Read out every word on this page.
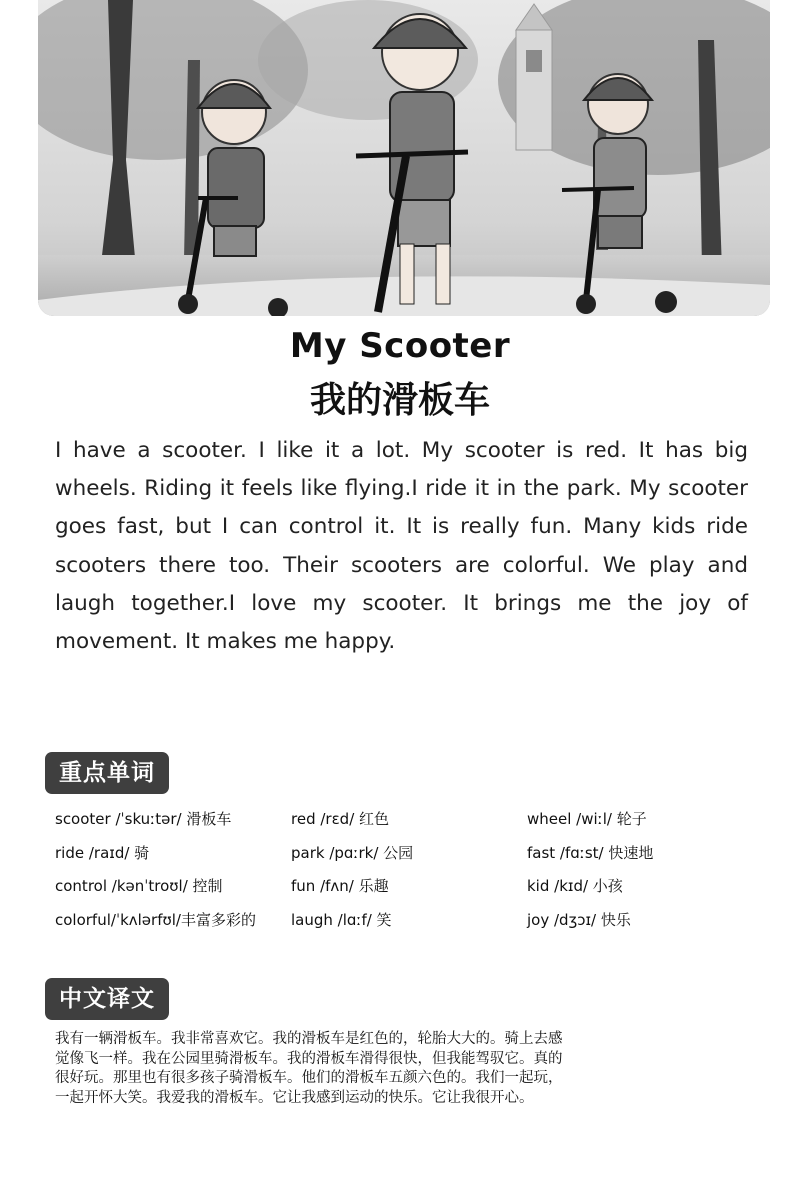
My Scooter
我的滑板车

I have a scooter. I like it a lot. My scooter is red. It has big wheels. Riding it feels like flying.I ride it in the park. My scooter goes fast, but I can control it. It is really fun. Many kids ride scooters there too. Their scooters are colorful. We play and laugh together.I love my scooter. It brings me the joy of movement. It makes me happy.

重点单词
scooter /ˈskuːtər/ 滑板车	red /rɛd/ 红色	wheel /wiːl/ 轮子
ride /raɪd/ 骑	park /pɑːrk/ 公园	fast /fɑːst/ 快速地
control /kənˈtroʊl/ 控制	fun /fʌn/ 乐趣	kid /kɪd/ 小孩
colorful/ˈkʌlərfʊl/丰富多彩的	laugh /lɑːf/ 笑	joy /dʒɔɪ/ 快乐
中文译文
我有一辆滑板车。我非常喜欢它。我的滑板车是红色的，轮胎大大的。骑上去感
觉像飞一样。我在公园里骑滑板车。我的滑板车滑得很快，但我能驾驭它。真的
很好玩。那里也有很多孩子骑滑板车。他们的滑板车五颜六色的。我们一起玩，
一起开怀大笑。我爱我的滑板车。它让我感到运动的快乐。它让我很开心。
